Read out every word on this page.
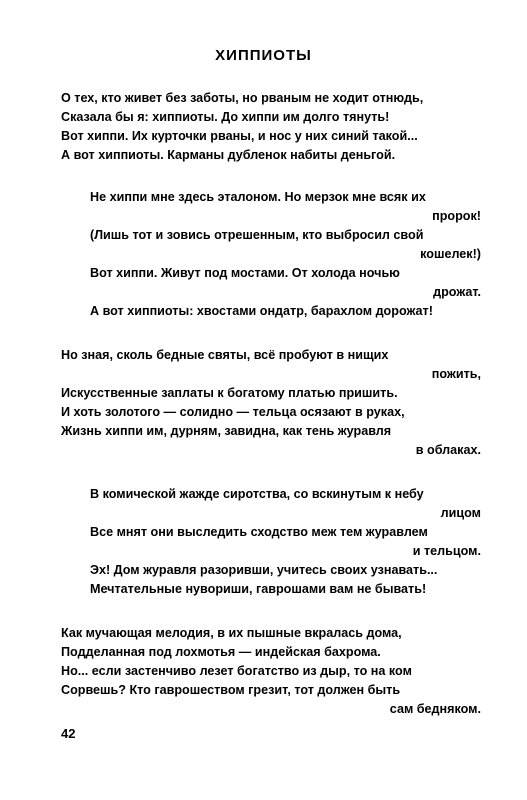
ХИППИОТЫ
О тех, кто живет без заботы, но рваным не ходит отнюдь,
Сказала бы я: хиппиоты. До хиппи им долго тянуть!
Вот хиппи. Их курточки рваны, и нос у них синий такой...
А вот хиппиоты. Карманы дубленок набиты деньгой.
Не хиппи мне здесь эталоном. Но мерзок мне всяк их
пророк!
(Лишь тот и зовись отрешенным, кто выбросил свой
кошелек!)
Вот хиппи. Живут под мостами. От холода ночью
дрожат.
А вот хиппиоты: хвостами ондатр, барахлом дорожат!
Но зная, сколь бедные святы, всё пробуют в нищих
пожить,
Искусственные заплаты к богатому платью пришить.
И хоть золотого — солидно — тельца осязают в руках,
Жизнь хиппи им, дурням, завидна, как тень журавля
в облаках.
В комической жажде сиротства, со вскинутым к небу
лицом
Все мнят они выследить сходство меж тем журавлем
и тельцом.
Эх! Дом журавля разоривши, учитесь своих узнавать...
Мечтательные нувориши, гаврошами вам не бывать!
Как мучающая мелодия, в их пышные вкралась дома,
Подделанная под лохмотья — индейская бахрома.
Но... если застенчиво лезет богатство из дыр, то на ком
Сорвешь? Кто гаврошеством грезит, тот должен быть
сам бедняком.
42
